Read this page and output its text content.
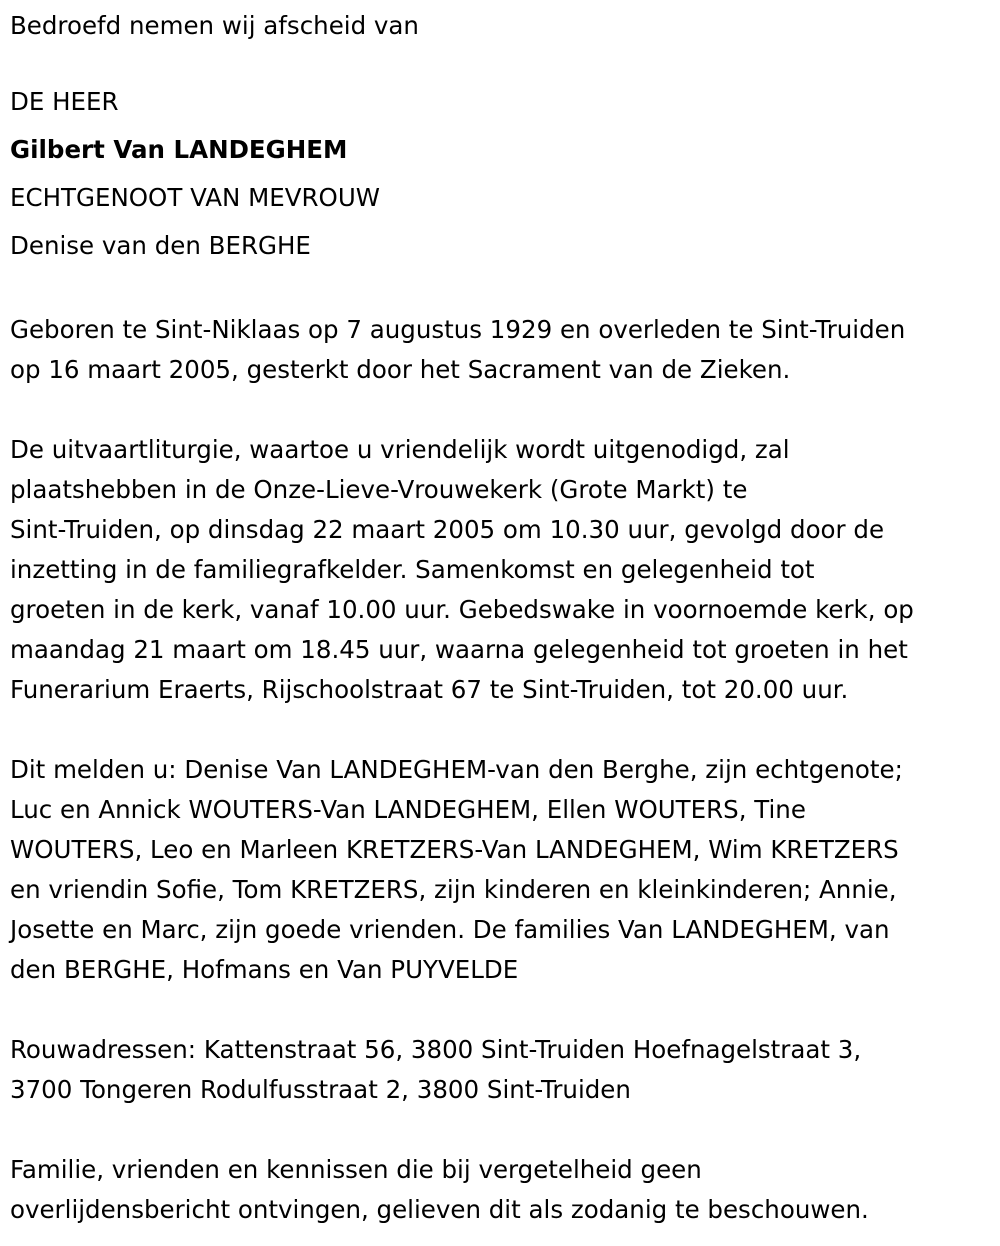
Bedroefd nemen wij afscheid van

DE HEER

Gilbert Van LANDEGHEM

ECHTGENOOT VAN MEVROUW

Denise van den BERGHE

Geboren te Sint-Niklaas op 7 augustus 1929 en overleden te Sint-Truiden
op 16 maart 2005, gesterkt door het Sacrament van de Zieken.
De uitvaartliturgie, waartoe u vriendelijk wordt uitgenodigd, zal
plaatshebben in de Onze-Lieve-Vrouwekerk (Grote Markt) te
Sint-Truiden, op dinsdag 22 maart 2005 om 10.30 uur, gevolgd door de
inzetting in de familiegrafkelder. Samenkomst en gelegenheid tot
groeten in de kerk, vanaf 10.00 uur. Gebedswake in voornoemde kerk, op
maandag 21 maart om 18.45 uur, waarna gelegenheid tot groeten in het
Funerarium Eraerts, Rijschoolstraat 67 te Sint-Truiden, tot 20.00 uur.
Dit melden u: Denise Van LANDEGHEM-van den Berghe, zijn echtgenote;
Luc en Annick WOUTERS-Van LANDEGHEM, Ellen WOUTERS, Tine
WOUTERS, Leo en Marleen KRETZERS-Van LANDEGHEM, Wim KRETZERS
en vriendin Sofie, Tom KRETZERS, zijn kinderen en kleinkinderen; Annie,
Josette en Marc, zijn goede vrienden. De families Van LANDEGHEM, van
den BERGHE, Hofmans en Van PUYVELDE
Rouwadressen: Kattenstraat 56, 3800 Sint-Truiden Hoefnagelstraat 3,
3700 Tongeren Rodulfusstraat 2, 3800 Sint-Truiden
Familie, vrienden en kennissen die bij vergetelheid geen
overlijdensbericht ontvingen, gelieven dit als zodanig te beschouwen.
